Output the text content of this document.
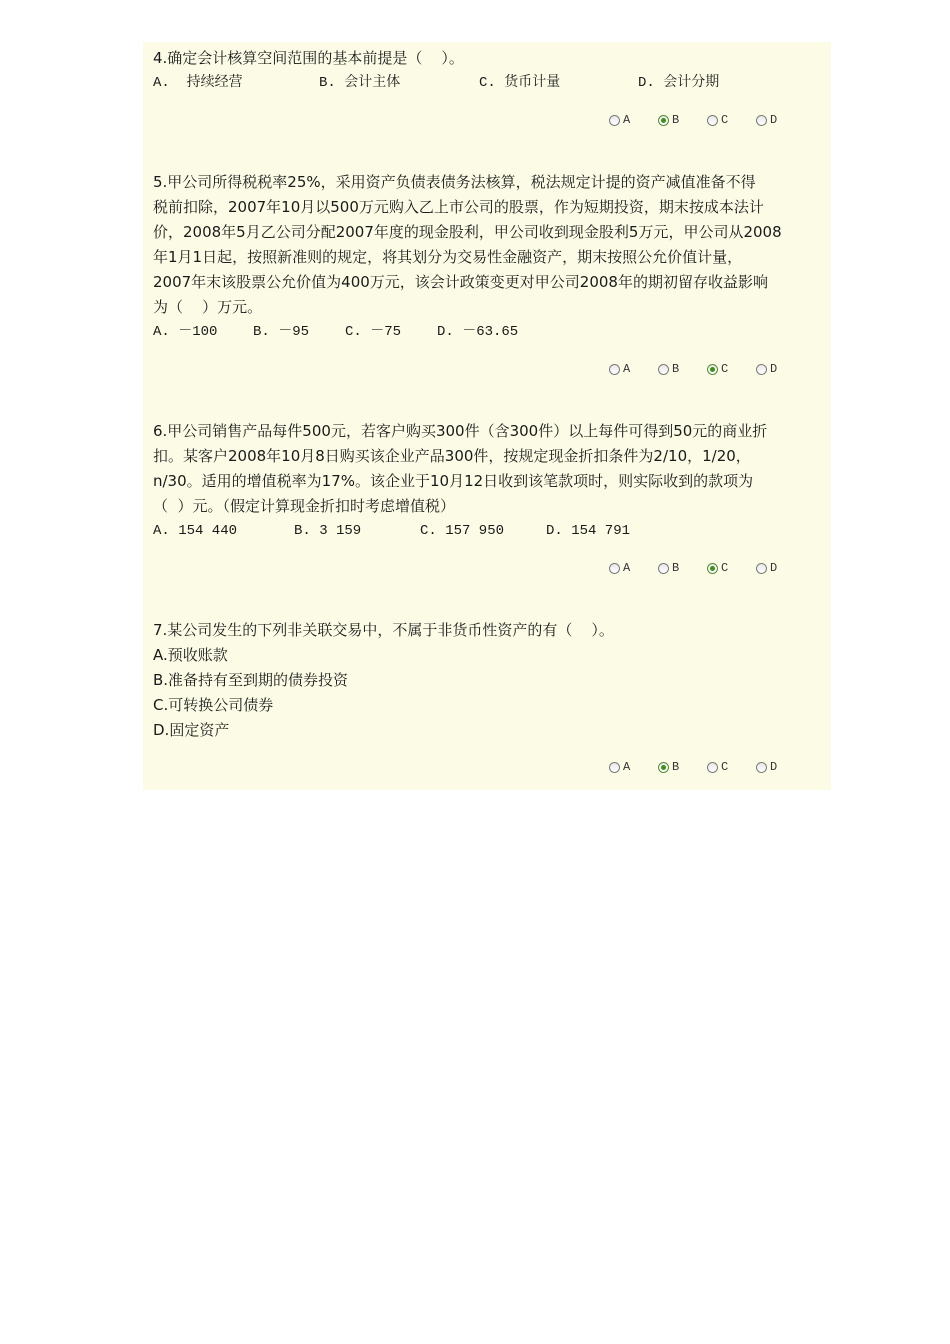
4.确定会计核算空间范围的基本前提是（    ）。

A.  持续经营

	B. 会计主体

	C. 货币计量

	D. 会计分期

A	B	C	D

5.甲公司所得税税率25%，采用资产负债表债务法核算，税法规定计提的资产减值准备不得
税前扣除，2007年10月以500万元购入乙上市公司的股票，作为短期投资，期末按成本法计
价，2008年5月乙公司分配2007年度的现金股利，甲公司收到现金股利5万元，甲公司从2008
年1月1日起，按照新准则的规定，将其划分为交易性金融资产，期末按照公允价值计量，
2007年末该股票公允价值为400万元，该会计政策变更对甲公司2008年的期初留存收益影响
为（    ）万元。

A. －100

	B. －95

	C. －75

	D. －63.65

A	B	C	D

6.甲公司销售产品每件500元，若客户购买300件（含300件）以上每件可得到50元的商业折
扣。某客户2008年10月8日购买该企业产品300件，按规定现金折扣条件为2/10，1/20，
n/30。适用的增值税率为17%。该企业于10月12日收到该笔款项时，则实际收到的款项为
（  ）元。（假定计算现金折扣时考虑增值税）

A. 154 440

	B. 3 159

	C. 157 950

	D. 154 791

A	B	C	D

7.某公司发生的下列非关联交易中，不属于非货币性资产的有（    ）。

A.预收账款
B.准备持有至到期的债券投资
C.可转换公司债券
D.固定资产
A	B	C	D
